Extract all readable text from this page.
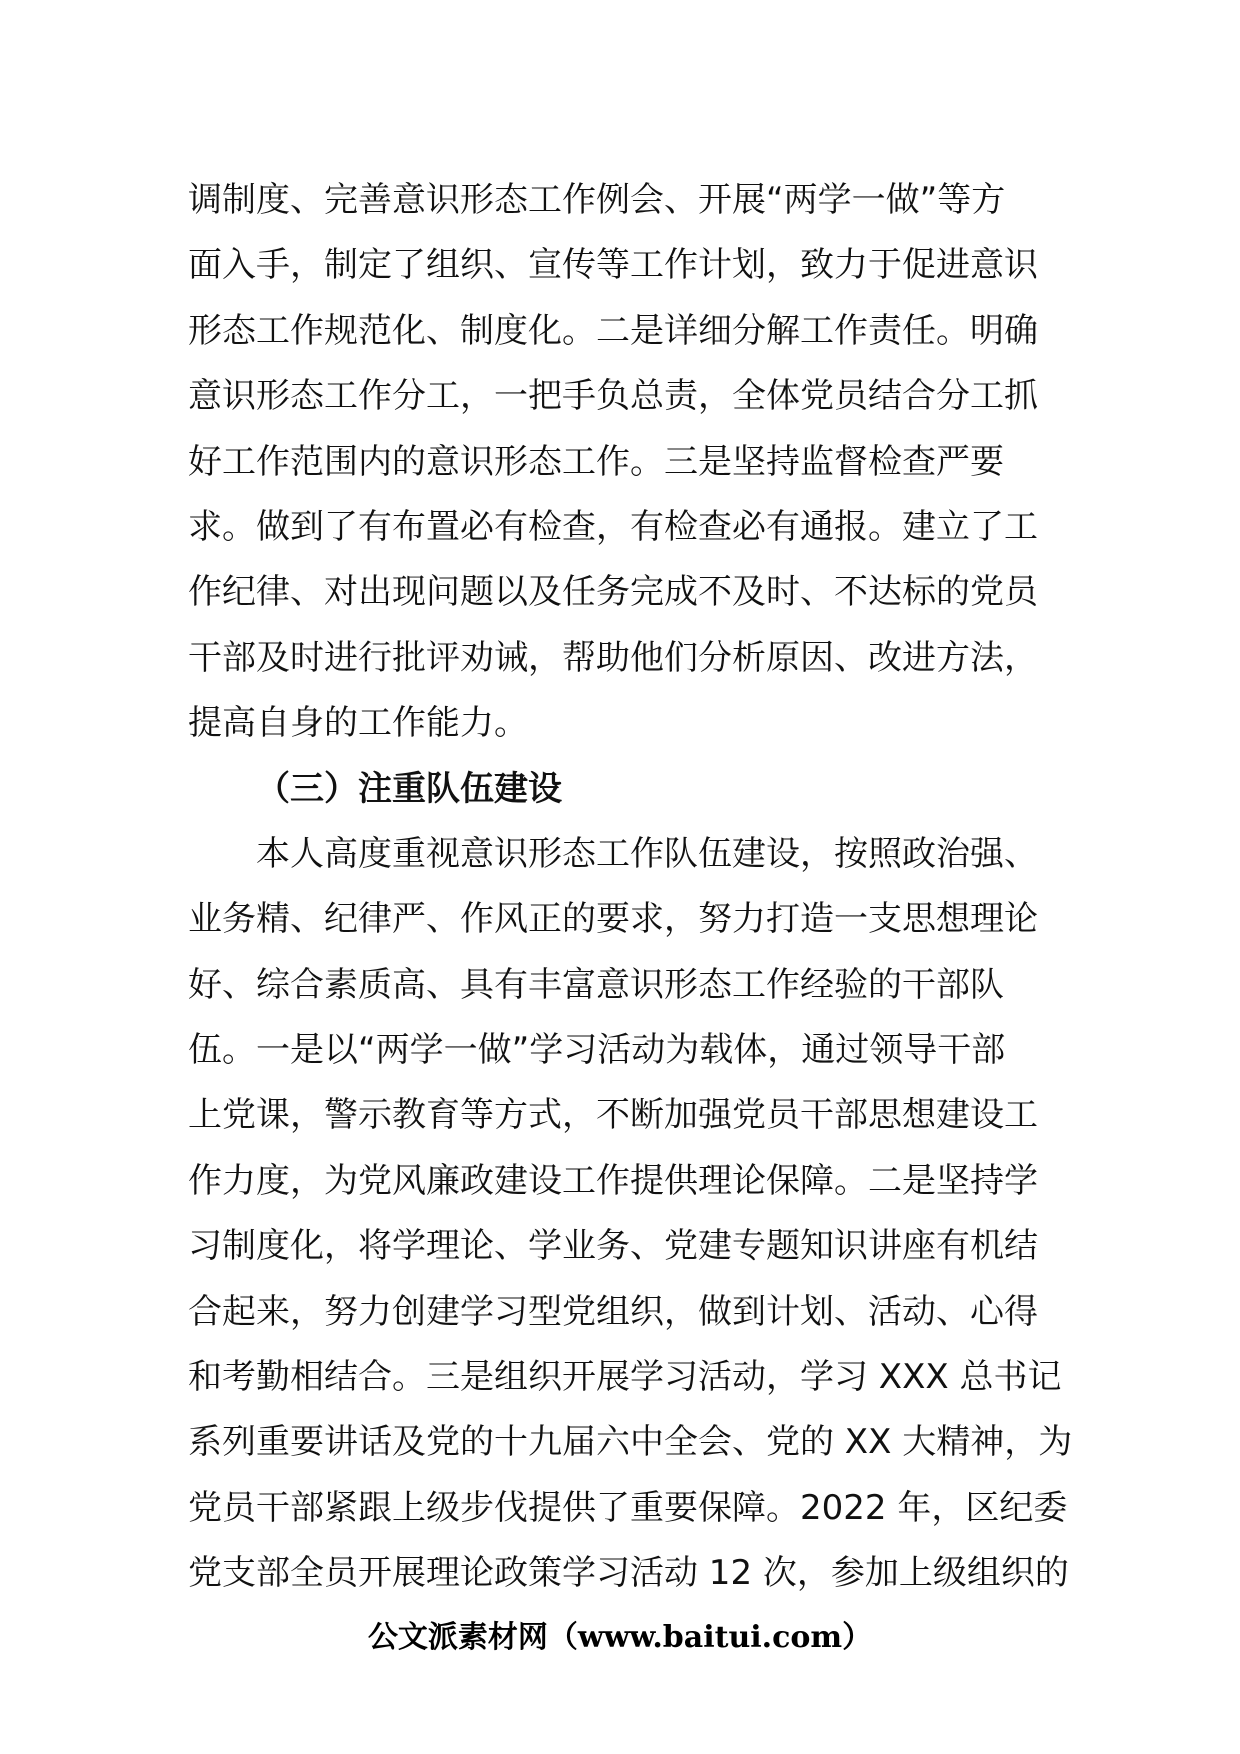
调制度、完善意识形态工作例会、开展“两学一做”等方
面入手，制定了组织、宣传等工作计划，致力于促进意识
形态工作规范化、制度化。二是详细分解工作责任。明确
意识形态工作分工，一把手负总责，全体党员结合分工抓
好工作范围内的意识形态工作。三是坚持监督检查严要
求。做到了有布置必有检查，有检查必有通报。建立了工
作纪律、对出现问题以及任务完成不及时、不达标的党员
干部及时进行批评劝诫，帮助他们分析原因、改进方法，
提高自身的工作能力。
（三）注重队伍建设
本人高度重视意识形态工作队伍建设，按照政治强、
业务精、纪律严、作风正的要求，努力打造一支思想理论
好、综合素质高、具有丰富意识形态工作经验的干部队
伍。一是以“两学一做”学习活动为载体，通过领导干部
上党课，警示教育等方式，不断加强党员干部思想建设工
作力度，为党风廉政建设工作提供理论保障。二是坚持学
习制度化，将学理论、学业务、党建专题知识讲座有机结
合起来，努力创建学习型党组织，做到计划、活动、心得
和考勤相结合。三是组织开展学习活动，学习 XXX 总书记
系列重要讲话及党的十九届六中全会、党的 XX 大精神，为
党员干部紧跟上级步伐提供了重要保障。2022 年，区纪委
党支部全员开展理论政策学习活动 12 次，参加上级组织的
公文派素材网（www.baitui.com）
